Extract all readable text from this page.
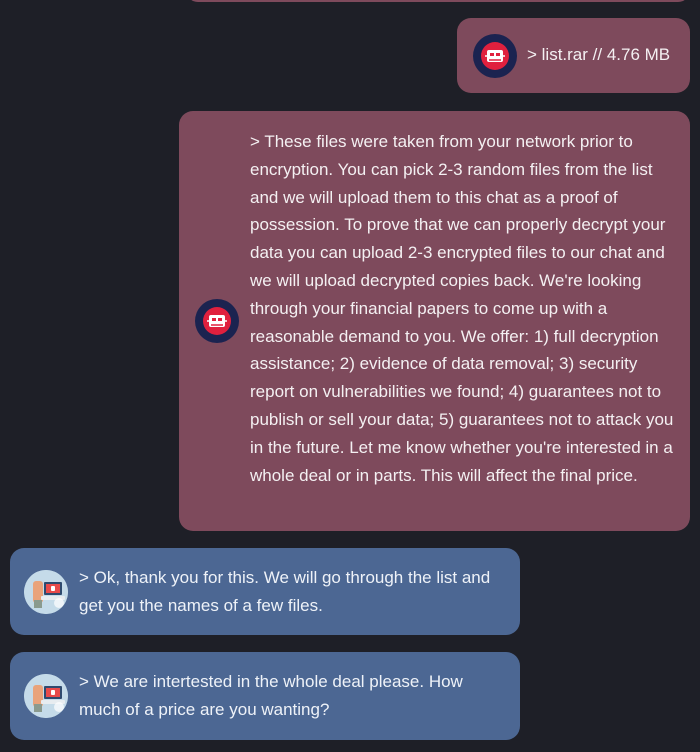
> list.rar // 4.76 MB

> These files were taken from your network prior to encryption. You can pick 2-3 random files from the list and we will upload them to this chat as a proof of possession. To prove that we can properly decrypt your data you can upload 2-3 encrypted files to our chat and we will upload decrypted copies back. We're looking through your financial papers to come up with a reasonable demand to you. We offer: 1) full decryption assistance; 2) evidence of data removal; 3) security report on vulnerabilities we found; 4) guarantees not to publish or sell your data; 5) guarantees not to attack you in the future. Let me know whether you're interested in a whole deal or in parts. This will affect the final price.

> Ok, thank you for this. We will go through the list and get you the names of a few files.

> We are intertested in the whole deal please. How much of a price are you wanting?
